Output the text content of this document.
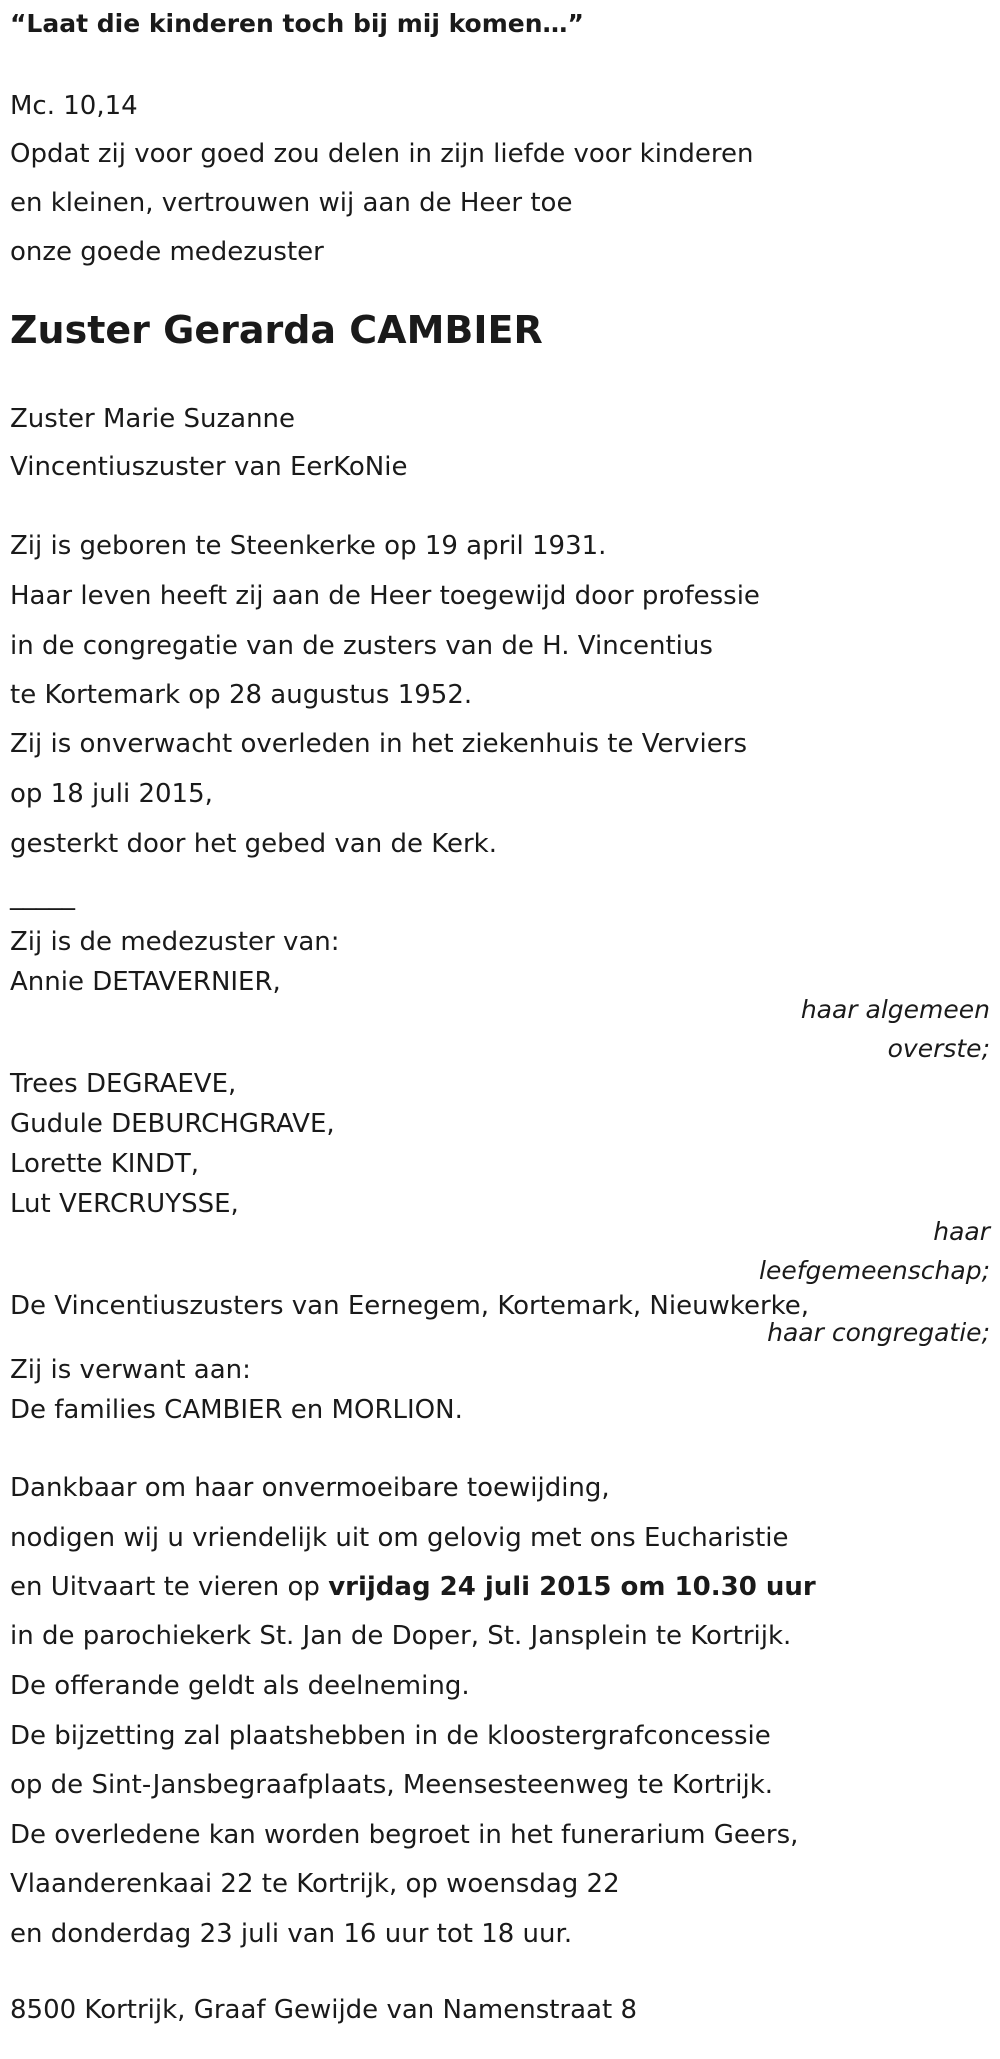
“Laat die kinderen toch bij mij komen…”
Mc. 10,14
Opdat zij voor goed zou delen in zijn liefde voor kinderen
en kleinen, vertrouwen wij aan de Heer toe
onze goede medezuster
Zuster Gerarda CAMBIER
Zuster Marie Suzanne
Vincentiuszuster van EerKoNie
Zij is geboren te Steenkerke op 19 april 1931.
Haar leven heeft zij aan de Heer toegewijd door professie
in de congregatie van de zusters van de H. Vincentius
te Kortemark op 28 augustus 1952.
Zij is onverwacht overleden in het ziekenhuis te Verviers
op 18 juli 2015,
gesterkt door het gebed van de Kerk.
_____
Zij is de medezuster van:
Annie DETAVERNIER,
haar algemeen
overste;
Trees DEGRAEVE,
Gudule DEBURCHGRAVE,
Lorette KINDT,
Lut VERCRUYSSE,
haar
leefgemeenschap;
De Vincentiuszusters van Eernegem, Kortemark, Nieuwkerke,
haar congregatie;
Zij is verwant aan:
De families CAMBIER en MORLION.
Dankbaar om haar onvermoeibare toewijding,
nodigen wij u vriendelijk uit om gelovig met ons Eucharistie
en Uitvaart te vieren op vrijdag 24 juli 2015 om 10.30 uur
in de parochiekerk St. Jan de Doper, St. Jansplein te Kortrijk.
De offerande geldt als deelneming.
De bijzetting zal plaatshebben in de kloostergrafconcessie
op de Sint-Jansbegraafplaats, Meensesteenweg te Kortrijk.
De overledene kan worden begroet in het funerarium Geers,
Vlaanderenkaai 22 te Kortrijk, op woensdag 22
en donderdag 23 juli van 16 uur tot 18 uur.
8500 Kortrijk, Graaf Gewijde van Namenstraat 8
